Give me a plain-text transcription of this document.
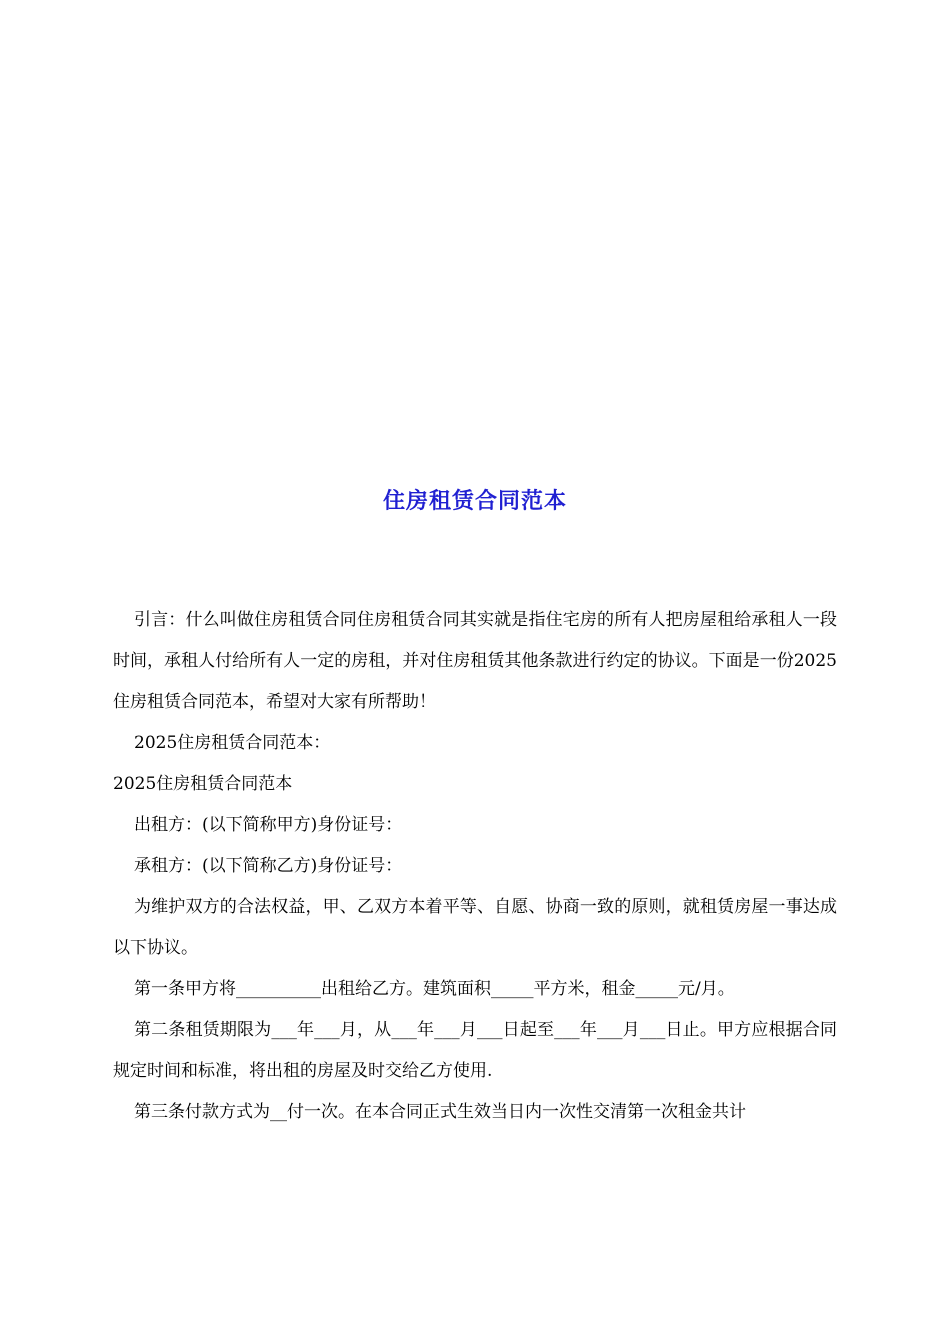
住房租赁合同范本

引言：什么叫做住房租赁合同住房租赁合同其实就是指住宅房的所有人把房屋租给承租人一段时间，承租人付给所有人一定的房租，并对住房租赁其他条款进行约定的协议。下面是一份2025住房租赁合同范本，希望对大家有所帮助！

2025住房租赁合同范本：

2025住房租赁合同范本

出租方：(以下简称甲方)身份证号：

承租方：(以下简称乙方)身份证号：

为维护双方的合法权益，甲、乙双方本着平等、自愿、协商一致的原则，就租赁房屋一事达成以下协议。

第一条甲方将__________出租给乙方。建筑面积_____平方米，租金_____元/月。

第二条租赁期限为___年___月，从___年___月___日起至___年___月___日止。甲方应根据合同规定时间和标准，将出租的房屋及时交给乙方使用.

第三条付款方式为__付一次。在本合同正式生效当日内一次性交清第一次租金共计
